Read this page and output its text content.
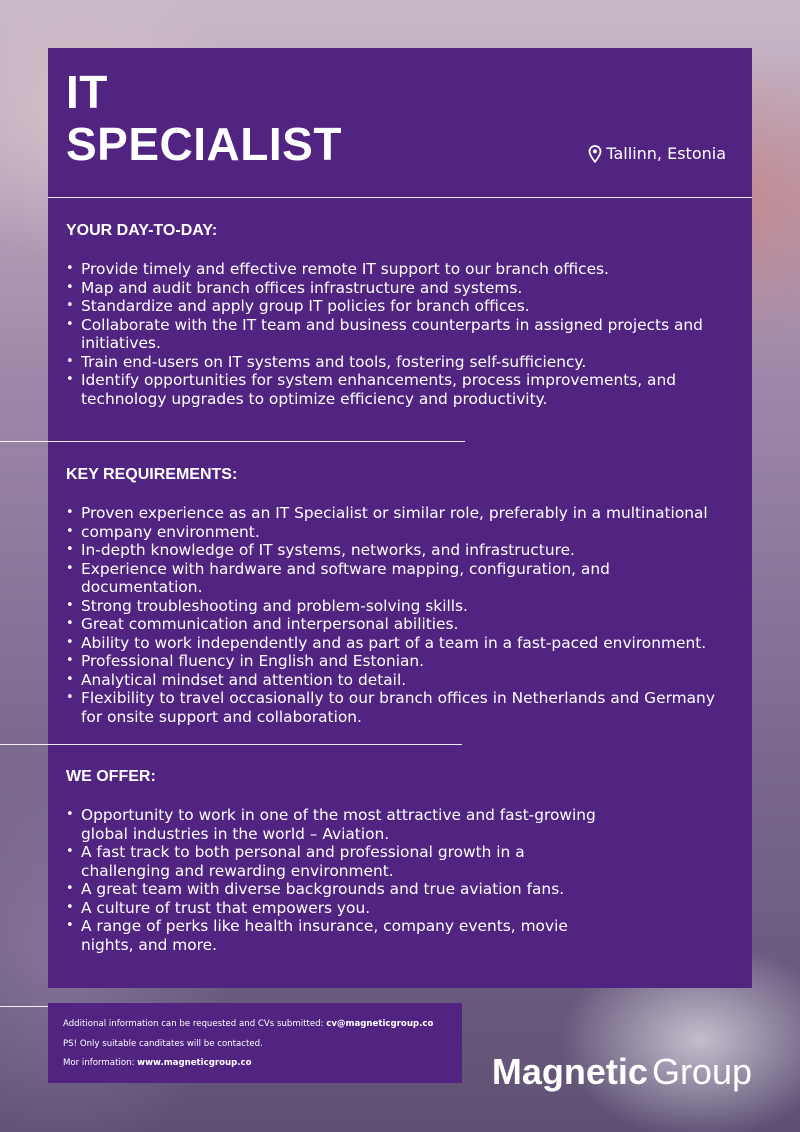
IT
SPECIALIST	Tallinn, Estonia
YOUR DAY-TO-DAY:
• Provide timely and effective remote IT support to our branch offices.
• Map and audit branch offices infrastructure and systems.
• Standardize and apply group IT policies for branch offices.
• Collaborate with the IT team and business counterparts in assigned projects and initiatives.
• Train end-users on IT systems and tools, fostering self-sufficiency.
• Identify opportunities for system enhancements, process improvements, and technology upgrades to optimize efficiency and productivity.
KEY REQUIREMENTS:
• Proven experience as an IT Specialist or similar role, preferably in a multinational
• company environment.
• In-depth knowledge of IT systems, networks, and infrastructure.
• Experience with hardware and software mapping, configuration, and documentation.
• Strong troubleshooting and problem-solving skills.
• Great communication and interpersonal abilities.
• Ability to work independently and as part of a team in a fast-paced environment.
• Professional fluency in English and Estonian.
• Analytical mindset and attention to detail.
• Flexibility to travel occasionally to our branch offices in Netherlands and Germany for onsite support and collaboration.
WE OFFER:
• Opportunity to work in one of the most attractive and fast-growing global industries in the world – Aviation.
• A fast track to both personal and professional growth in a challenging and rewarding environment.
• A great team with diverse backgrounds and true aviation fans.
• A culture of trust that empowers you.
• A range of perks like health insurance, company events, movie nights, and more.

Additional information can be requested and CVs submitted: cv@magneticgroup.co

PS! Only suitable canditates will be contacted.

Mor information: www.magneticgroup.co	Magnetic Group
